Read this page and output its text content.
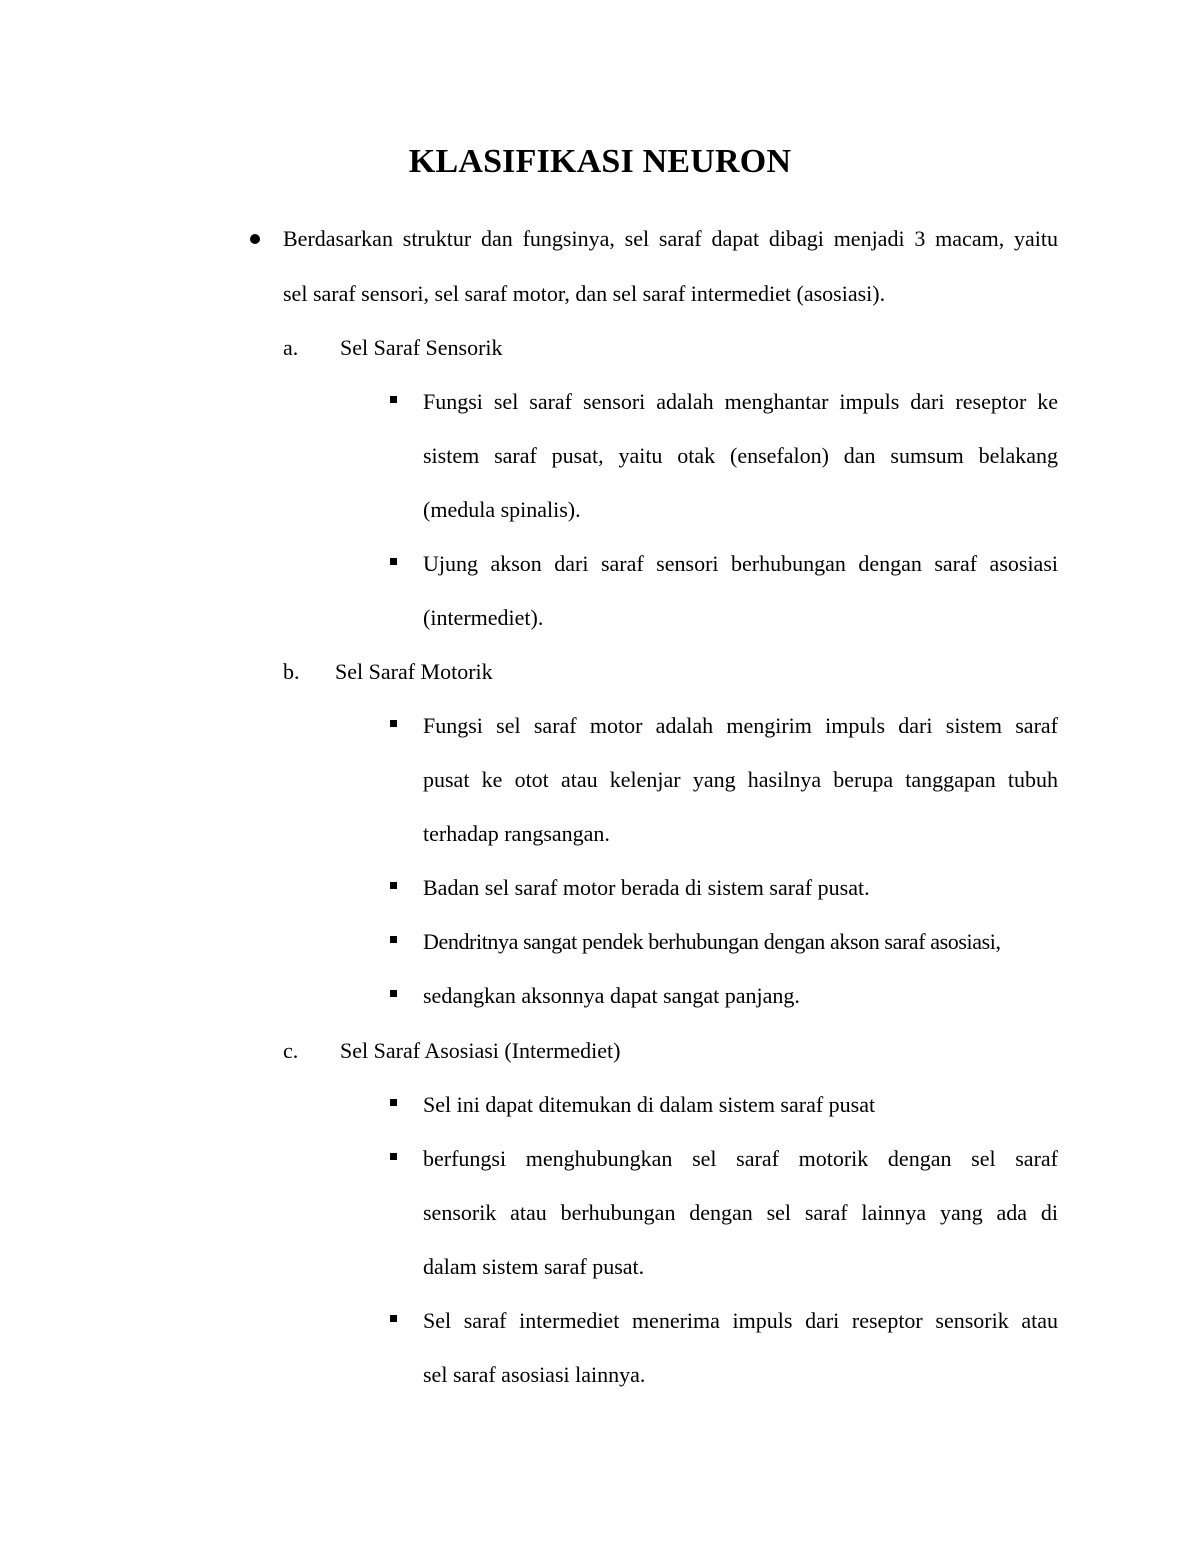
KLASIFIKASI NEURON
Berdasarkan struktur dan fungsinya, sel saraf dapat dibagi menjadi 3 macam, yaitu
sel saraf sensori, sel saraf motor, dan sel saraf intermediet (asosiasi).
a. Sel Saraf Sensorik
Fungsi sel saraf sensori adalah menghantar impuls dari reseptor ke
sistem saraf pusat, yaitu otak (ensefalon) dan sumsum belakang
(medula spinalis).
Ujung akson dari saraf sensori berhubungan dengan saraf asosiasi
(intermediet).
b. Sel Saraf Motorik
Fungsi sel saraf motor adalah mengirim impuls dari sistem saraf
pusat ke otot atau kelenjar yang hasilnya berupa tanggapan tubuh
terhadap rangsangan.
Badan sel saraf motor berada di sistem saraf pusat.
Dendritnya sangat pendek berhubungan dengan akson saraf asosiasi,
sedangkan aksonnya dapat sangat panjang.
c. Sel Saraf Asosiasi (Intermediet)
Sel ini dapat ditemukan di dalam sistem saraf pusat
berfungsi menghubungkan sel saraf motorik dengan sel saraf
sensorik atau berhubungan dengan sel saraf lainnya yang ada di
dalam sistem saraf pusat.
Sel saraf intermediet menerima impuls dari reseptor sensorik atau
sel saraf asosiasi lainnya.
